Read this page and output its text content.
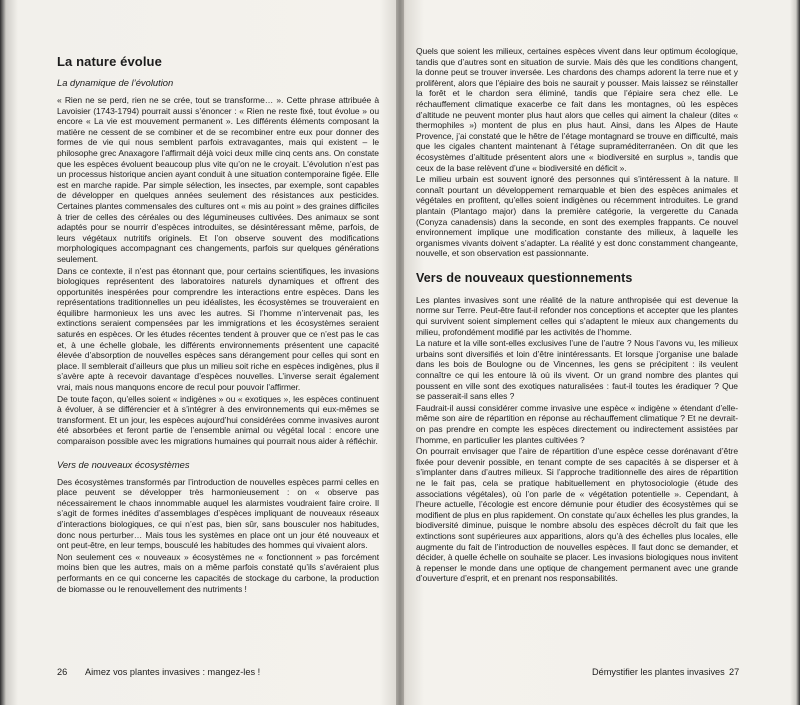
La nature évolue
La dynamique de l’évolution

« Rien ne se perd, rien ne se crée, tout se transforme… ». Cette phrase attribuée à Lavoisier (1743-1794) pourrait aussi s’énoncer : « Rien ne reste fixé, tout évolue » ou encore « La vie est mouvement permanent ». Les différents éléments composant la matière ne cessent de se combiner et de se recombiner entre eux pour donner des formes de vie qui nous semblent parfois extravagantes, mais qui existent – le philosophe grec Anaxagore l’affirmait déjà voici deux mille cinq cents ans. On constate que les espèces évoluent beaucoup plus vite qu’on ne le croyait. L’évolution n’est pas un processus historique ancien ayant conduit à une situation contemporaine figée. Elle est en marche rapide. Par simple sélection, les insectes, par exemple, sont capables de développer en quelques années seulement des résistances aux pesticides. Certaines plantes commensales des cultures ont « mis au point » des graines difficiles à trier de celles des céréales ou des légumineuses cultivées. Des animaux se sont adaptés pour se nourrir d’espèces introduites, se désintéressant même, parfois, de leurs végétaux nutritifs originels. Et l’on observe souvent des modifications morphologiques accompagnant ces changements, parfois sur quelques générations seulement.

Dans ce contexte, il n’est pas étonnant que, pour certains scientifiques, les invasions biologiques représentent des laboratoires naturels dynamiques et offrent des opportunités inespérées pour comprendre les interactions entre espèces. Dans les représentations traditionnelles un peu idéalistes, les écosystèmes se trouveraient en équilibre harmonieux les uns avec les autres. Si l’homme n’intervenait pas, les extinctions seraient compensées par les immigrations et les écosystèmes seraient saturés en espèces. Or les études récentes tendent à prouver que ce n’est pas le cas et, à une échelle globale, les différents environnements présentent une capacité élevée d’absorption de nouvelles espèces sans dérangement pour celles qui sont en place. Il semblerait d’ailleurs que plus un milieu soit riche en espèces indigènes, plus il s’avère apte à recevoir davantage d’espèces nouvelles. L’inverse serait également vrai, mais nous manquons encore de recul pour pouvoir l’affirmer.

De toute façon, qu’elles soient « indigènes » ou « exotiques », les espèces continuent à évoluer, à se différencier et à s’intégrer à des environnements qui eux-mêmes se transforment. Et un jour, les espèces aujourd’hui considérées comme invasives auront été absorbées et feront partie de l’ensemble animal ou végétal local : encore une comparaison possible avec les migrations humaines qui pourrait nous aider à réfléchir.

Vers de nouveaux écosystèmes

Des écosystèmes transformés par l’introduction de nouvelles espèces parmi celles en place peuvent se développer très harmonieusement : on « observe pas nécessairement le chaos innommable auquel les alarmistes voudraient faire croire. Il s’agit de formes inédites d’assemblages d’espèces impliquant de nouveaux réseaux d’interactions biologiques, ce qui n’est pas, bien sûr, sans bousculer nos habitudes, donc nous perturber… Mais tous les systèmes en place ont un jour été nouveaux et ont peut-être, en leur temps, bousculé les habitudes des hommes qui vivaient alors.

Non seulement ces « nouveaux » écosystèmes ne « fonctionnent » pas forcément moins bien que les autres, mais on a même parfois constaté qu’ils s’avéraient plus performants en ce qui concerne les capacités de stockage du carbone, la production de biomasse ou le renouvellement des nutriments !

26 Aimez vos plantes invasives : mangez-les !

Quels que soient les milieux, certaines espèces vivent dans leur optimum écologique, tandis que d’autres sont en situation de survie. Mais dès que les conditions changent, la donne peut se trouver inversée. Les chardons des champs adorent la terre nue et y prolifèrent, alors que l’épiaire des bois ne saurait y pousser. Mais laissez se réinstaller la forêt et le chardon sera éliminé, tandis que l’épiaire sera chez elle. Le réchauffement climatique exacerbe ce fait dans les montagnes, où les espèces d’altitude ne peuvent monter plus haut alors que celles qui aiment la chaleur (dites « thermophiles ») montent de plus en plus haut. Ainsi, dans les Alpes de Haute Provence, j’ai constaté que le hêtre de l’étage montagnard se trouve en difficulté, mais que les cigales chantent maintenant à l’étage supraméditerranéen. On dit que les écosystèmes d’altitude présentent alors une « biodiversité en surplus », tandis que ceux de la base relèvent d’une « biodiversité en déficit ».

Le milieu urbain est souvent ignoré des personnes qui s’intéressent à la nature. Il connaît pourtant un développement remarquable et bien des espèces animales et végétales en profitent, qu’elles soient indigènes ou récemment introduites. Le grand plantain (Plantago major) dans la première catégorie, la vergerette du Canada (Conyza canadensis) dans la seconde, en sont des exemples frappants. Ce nouvel environnement implique une modification constante des milieux, à laquelle les organismes vivants doivent s’adapter. La réalité y est donc constamment changeante, nouvelle, et son observation est passionnante.

Vers de nouveaux questionnements

Les plantes invasives sont une réalité de la nature anthropisée qui est devenue la norme sur Terre. Peut-être faut-il refonder nos conceptions et accepter que les plantes qui survivent soient simplement celles qui s’adaptent le mieux aux changements du milieu, profondément modifié par les activités de l’homme.

La nature et la ville sont-elles exclusives l’une de l’autre ? Nous l’avons vu, les milieux urbains sont diversifiés et loin d’être inintéressants. Et lorsque j’organise une balade dans les bois de Boulogne ou de Vincennes, les gens se précipitent : ils veulent connaître ce qui les entoure là où ils vivent. Or un grand nombre des plantes qui poussent en ville sont des exotiques naturalisées : faut-il toutes les éradiquer ? Que se passerait-il sans elles ?

Faudrait-il aussi considérer comme invasive une espèce « indigène » étendant d’elle-même son aire de répartition en réponse au réchauffement climatique ? Et ne devrait-on pas prendre en compte les espèces directement ou indirectement assistées par l’homme, en particulier les plantes cultivées ?

On pourrait envisager que l’aire de répartition d’une espèce cesse dorénavant d’être fixée pour devenir possible, en tenant compte de ses capacités à se disperser et à s’implanter dans d’autres milieux. Si l’approche traditionnelle des aires de répartition ne le fait pas, cela se pratique habituellement en phytosociologie (étude des associations végétales), où l’on parle de « végétation potentielle ». Cependant, à l’heure actuelle, l’écologie est encore démunie pour étudier des écosystèmes qui se modifient de plus en plus rapidement. On constate qu’aux échelles les plus grandes, la biodiversité diminue, puisque le nombre absolu des espèces décroît du fait que les extinctions sont supérieures aux apparitions, alors qu’à des échelles plus locales, elle augmente du fait de l’introduction de nouvelles espèces. Il faut donc se demander, et décider, à quelle échelle on souhaite se placer. Les invasions biologiques nous invitent à repenser le monde dans une optique de changement permanent avec une grande d’ouverture d’esprit, et en prenant nos responsabilités.

Démystifier les plantes invasives 27
